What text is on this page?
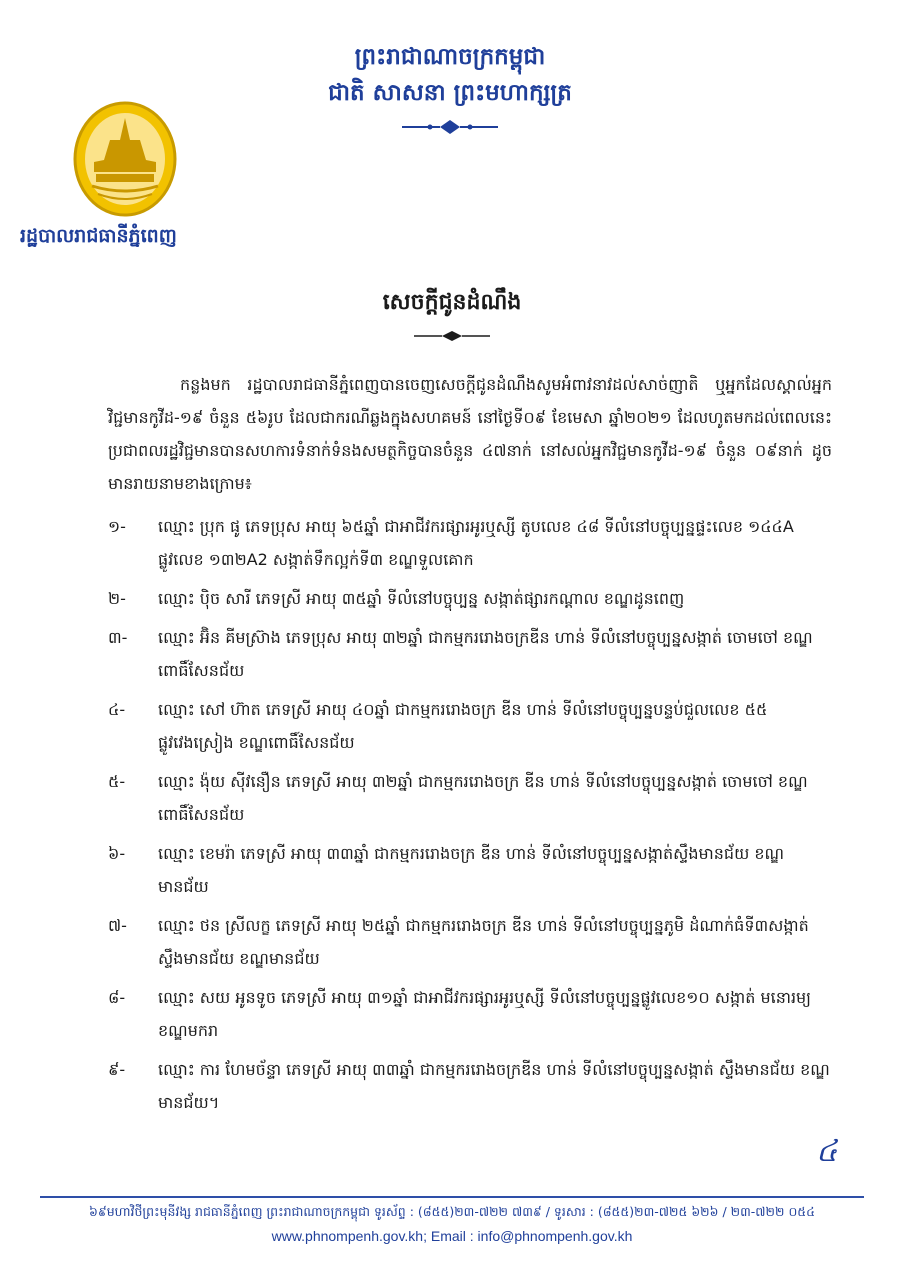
ព្រះរាជាណាចក្រកម្ពុជា
ជាតិ សាសនា ព្រះមហាក្សត្រ
រដ្ឋបាលរាជធានីភ្នំពេញ
សេចក្តីជូនដំណឹង
កន្លងមក រដ្ឋបាលរាជធានីភ្នំពេញបានចេញសេចក្តីជូនដំណឹងសូមអំពាវនាវដល់សាច់ញាតិ ឬអ្នកដែលស្គាល់អ្នកវិជ្ជមានកូវីដ-១៩ ចំនួន ៥៦រូប ដែលជាករណីឆ្លងក្នុងសហគមន៍ នៅថ្ងៃទី០៩ ខែមេសា ឆ្នាំ២០២១ ដែលហូតមកដល់ពេលនេះ ប្រជាពលរដ្ឋវិជ្ជមានបានសហការទំនាក់ទំនងសមត្ថកិច្ចបានចំនួន ៤៧នាក់ នៅសល់អ្នកវិជ្ជមានកូវីដ-១៩ ចំនួន ០៩នាក់ ដូចមានរាយនាមខាងក្រោម៖
១-	ឈ្មោះ ប្រុក ផូ ភេទប្រុស អាយុ ៦៥ឆ្នាំ ជាអាជីវករផ្សារអូរឬស្សី តូបលេខ ៤៨ ទីលំនៅបច្ចុប្បន្នផ្ទះលេខ ១៤៤A ផ្លូវលេខ ១៣២A2 សង្កាត់ទឹកល្អក់ទី៣ ខណ្ឌទួលគោក
២-	ឈ្មោះ ប៉ិច សារី ភេទស្រី អាយុ ៣៥ឆ្នាំ ទីលំនៅបច្ចុប្បន្ន សង្កាត់ផ្សារកណ្ដាល ខណ្ឌដូនពេញ
៣-	ឈ្មោះ អ៊ិន គីមស្រ៊ាង ភេទប្រុស អាយុ ៣២ឆ្នាំ ជាកម្មកររោងចក្រឌីន ហាន់ ទីលំនៅបច្ចុប្បន្នសង្កាត់ ចោមចៅ ខណ្ឌពោធិ៍សែនជ័យ
៤-	ឈ្មោះ សៅ ហ៊ាត ភេទស្រី អាយុ ៤០ឆ្នាំ ជាកម្មកររោងចក្រ ឌីន ហាន់ ទីលំនៅបច្ចុប្បន្នបន្ទប់ជួលលេខ ៥៥ ផ្លូវវេងស្រៀង ខណ្ឌពោធិ៍សែនជ័យ
៥-	ឈ្មោះ ង៉ុយ ស៊ីវនឿន ភេទស្រី អាយុ ៣២ឆ្នាំ ជាកម្មកររោងចក្រ ឌីន ហាន់ ទីលំនៅបច្ចុប្បន្នសង្កាត់ ចោមចៅ ខណ្ឌពោធិ៍សែនជ័យ
៦-	ឈ្មោះ ខេមរ៉ា ភេទស្រី អាយុ ៣៣ឆ្នាំ ជាកម្មកររោងចក្រ ឌីន ហាន់ ទីលំនៅបច្ចុប្បន្នសង្កាត់ស្ទឹងមានជ័យ ខណ្ឌមានជ័យ
៧-	ឈ្មោះ ថន ស្រីលក្ខ ភេទស្រី អាយុ ២៥ឆ្នាំ ជាកម្មកររោងចក្រ ឌីន ហាន់ ទីលំនៅបច្ចុប្បន្នភូមិ ដំណាក់ធំទី៣សង្កាត់ស្ទឹងមានជ័យ ខណ្ឌមានជ័យ
៨-	ឈ្មោះ សយ អូនទូច ភេទស្រី អាយុ ៣១ឆ្នាំ ជាអាជីវករផ្សារអូរឬស្សី ទីលំនៅបច្ចុប្បន្នផ្លូវលេខ១០ សង្កាត់ មនោរម្យ ខណ្ឌមករា
៩-	ឈ្មោះ ការ ហែមច័ន្ទា ភេទស្រី អាយុ ៣៣ឆ្នាំ ជាកម្មកររោងចក្រឌីន ហាន់ ទីលំនៅបច្ចុប្បន្នសង្កាត់ ស្ទឹងមានជ័យ ខណ្ឌមានជ័យ។
៤
៦៩មហាវិថីព្រះមុនីវង្ស រាជធានីភ្នំពេញ ព្រះរាជាណាចក្រកម្ពុជា ទូរស័ព្ទ : (៨៥៥)២៣-៧២២ ៧៣៩ / ទូរសារ : (៨៥៥)២៣-៧២៥ ៦២៦ / ២៣-៧២២ ០៥៤
www.phnompenh.gov.kh; Email : info@phnompenh.gov.kh
